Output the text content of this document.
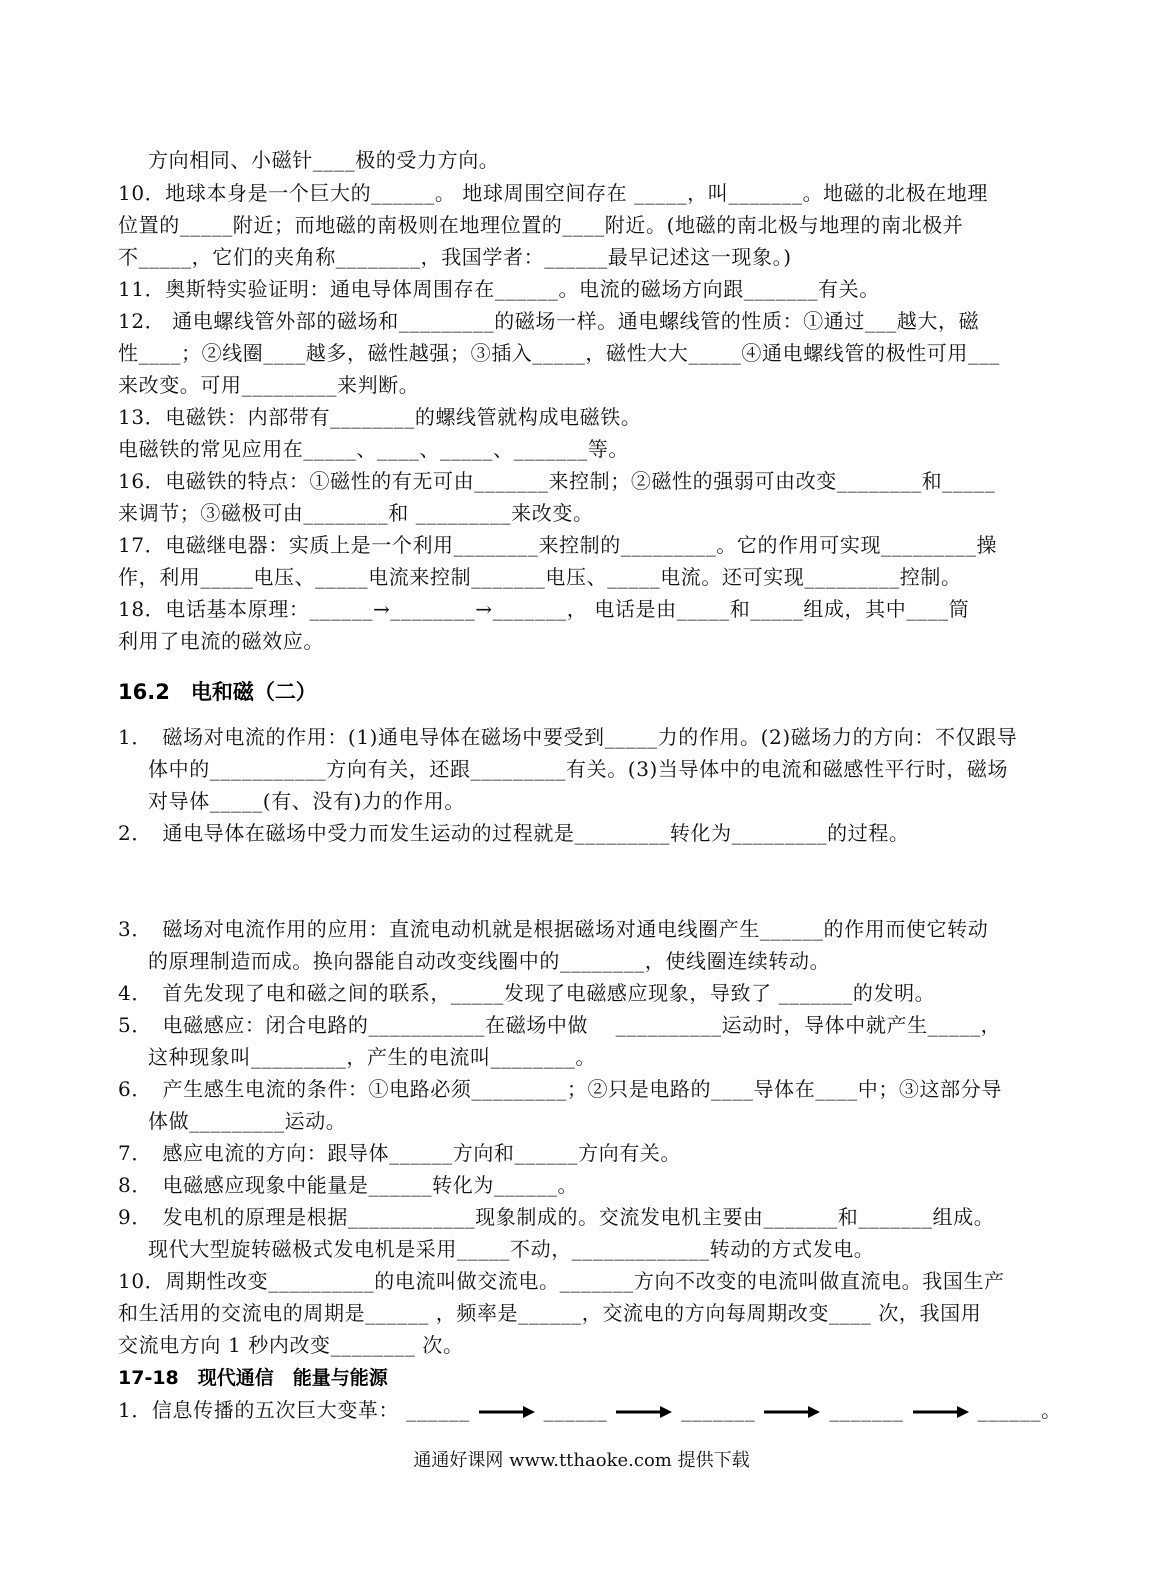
方向相同、小磁针____极的受力方向。
10．地球本身是一个巨大的______。 地球周围空间存在 _____，叫_______。地磁的北极在地理
位置的_____附近；而地磁的南极则在地理位置的____附近。(地磁的南北极与地理的南北极并
不_____，它们的夹角称________，我国学者：______最早记述这一现象。)
11．奥斯特实验证明：通电导体周围存在______。电流的磁场方向跟_______有关。
12． 通电螺线管外部的磁场和_________的磁场一样。通电螺线管的性质：①通过___越大，磁
性____；②线圈____越多，磁性越强；③插入_____，磁性大大_____④通电螺线管的极性可用___
来改变。可用_________来判断。
13．电磁铁：内部带有________的螺线管就构成电磁铁。
电磁铁的常见应用在_____、____、_____、_______等。
16．电磁铁的特点：①磁性的有无可由_______来控制；②磁性的强弱可由改变________和_____
来调节；③磁极可由________和 _________来改变。
17．电磁继电器：实质上是一个利用________来控制的_________。它的作用可实现_________操
作，利用_____电压、_____电流来控制_______电压、_____电流。还可实现_________控制。
18．电话基本原理：______→________→_______， 电话是由_____和_____组成，其中____筒
利用了电流的磁效应。
16.2　电和磁（二）
1．　磁场对电流的作用：(1)通电导体在磁场中要受到_____力的作用。(2)磁场力的方向：不仅跟导
体中的___________方向有关，还跟_________有关。(3)当导体中的电流和磁感性平行时，磁场
对导体_____(有、没有)力的作用。
2．　通电导体在磁场中受力而发生运动的过程就是_________转化为_________的过程。
3．　磁场对电流作用的应用：直流电动机就是根据磁场对通电线圈产生______的作用而使它转动
的原理制造而成。换向器能自动改变线圈中的________，使线圈连续转动。
4．　首先发现了电和磁之间的联系，_____发现了电磁感应现象，导致了 _______的发明。
5．　电磁感应：闭合电路的___________在磁场中做　 __________运动时，导体中就产生_____，
这种现象叫_________，产生的电流叫________。
6．　产生感生电流的条件：①电路必须_________；②只是电路的____导体在____中；③这部分导
体做_________运动。
7．　感应电流的方向：跟导体______方向和______方向有关。
8．　电磁感应现象中能量是______转化为______。
9．　发电机的原理是根据____________现象制成的。交流发电机主要由_______和_______组成。
现代大型旋转磁极式发电机是采用_____不动，_____________转动的方式发电。
10．周期性改变__________的电流叫做交流电。_______方向不改变的电流叫做直流电。我国生产
和生活用的交流电的周期是______ ，频率是______，交流电的方向每周期改变____ 次，我国用
交流电方向 1 秒内改变________ 次。
17-18　现代通信　能量与能源
1．信息传播的五次巨大变革： ______	______	_______	_______	______。
通通好课网 www.tthaoke.com 提供下载
